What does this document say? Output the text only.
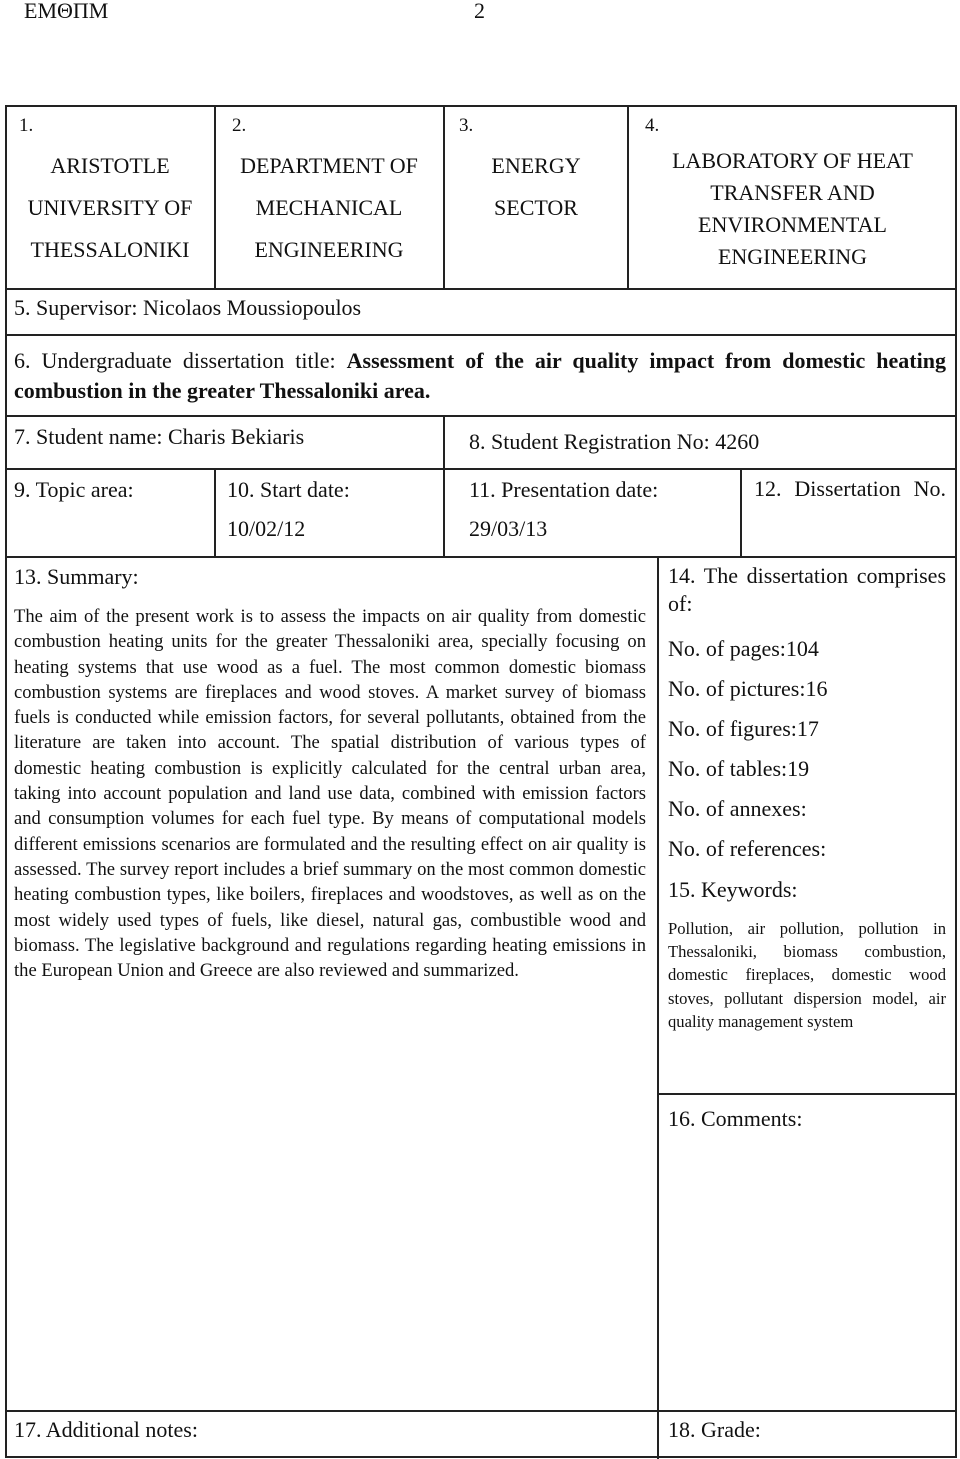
ΕΜΘΠΜ	2
1.
ARISTOTLE
UNIVERSITY OF
THESSALONIKI
2.
DEPARTMENT OF
MECHANICAL
ENGINEERING
3.
ENERGY
SECTOR
4.
LABORATORY OF HEAT
TRANSFER AND
ENVIRONMENTAL
ENGINEERING
5. Supervisor: Nicolaos Moussiopoulos
6. Undergraduate dissertation title: Assessment of the air quality impact from domestic heating combustion in the greater Thessaloniki area.
7. Student name: Charis Bekiaris	8. Student Registration No: 4260
9. Topic area:	10. Start date:
10/02/12
11. Presentation date:
29/03/13
12. Dissertation No.
13. Summary:
The aim of the present work is to assess the impacts on air quality from domestic combustion heating units for the greater Thessaloniki area, specially focusing on heating systems that use wood as a fuel. The most common domestic biomass combustion systems are fireplaces and wood stoves. A market survey of biomass fuels is conducted while emission factors, for several pollutants, obtained from the literature are taken into account. The spatial distribution of various types of domestic heating combustion is explicitly calculated for the central urban area, taking into account population and land use data, combined with emission factors and consumption volumes for each fuel type. By means of computational models different emissions scenarios are formulated and the resulting effect on air quality is assessed. The survey report includes a brief summary on the most common domestic heating combustion types, like boilers, fireplaces and woodstoves, as well as on the most widely used types of fuels, like diesel, natural gas, combustible wood and biomass. The legislative background and regulations regarding heating emissions in the European Union and Greece are also reviewed and summarized.
14. The dissertation comprises of:
No. of pages:104
No. of pictures:16
No. of figures:17
No. of tables:19
No. of annexes:
No. of references:
15. Keywords:
Pollution, air pollution, pollution in Thessaloniki, biomass combustion, domestic fireplaces, domestic wood stoves, pollutant dispersion model, air quality management system
16. Comments:
17. Additional notes:	18. Grade:
